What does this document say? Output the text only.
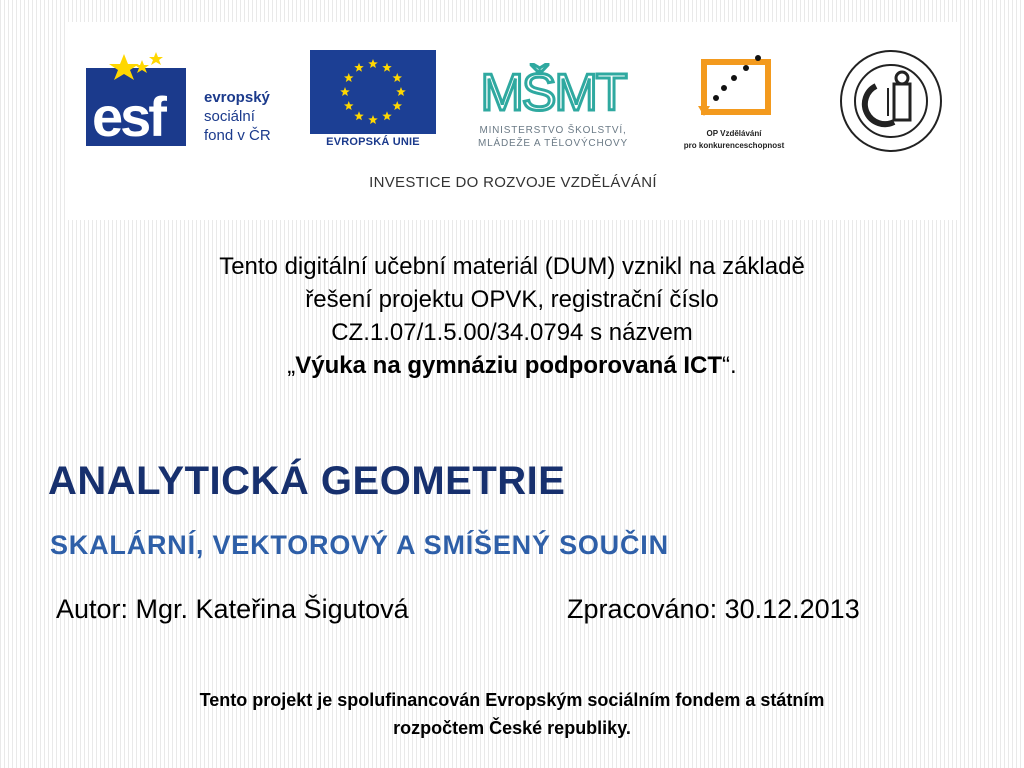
esf	evropský
sociální
fond v ČR	EVROPSKÁ UNIE
MŠMT
MINISTERSTVO ŠKOLSTVÍ,
MLÁDEŽE A TĚLOVÝCHOVY
OP Vzdělávání
pro konkurenceschopnost
INVESTICE DO ROZVOJE VZDĚLÁVÁNÍ

Tento digitální učební materiál (DUM) vznikl na základě

řešení projektu OPVK, registrační číslo

CZ.1.07/1.5.00/34.0794 s názvem

„Výuka na gymnáziu podporovaná ICT“.

ANALYTICKÁ GEOMETRIE
SKALÁRNÍ, VEKTOROVÝ A SMÍŠENÝ SOUČIN
Autor: Mgr. Kateřina Šigutová	Zpracováno: 30.12.2013
Tento projekt je spolufinancován Evropským sociálním fondem a státním
rozpočtem České republiky.
